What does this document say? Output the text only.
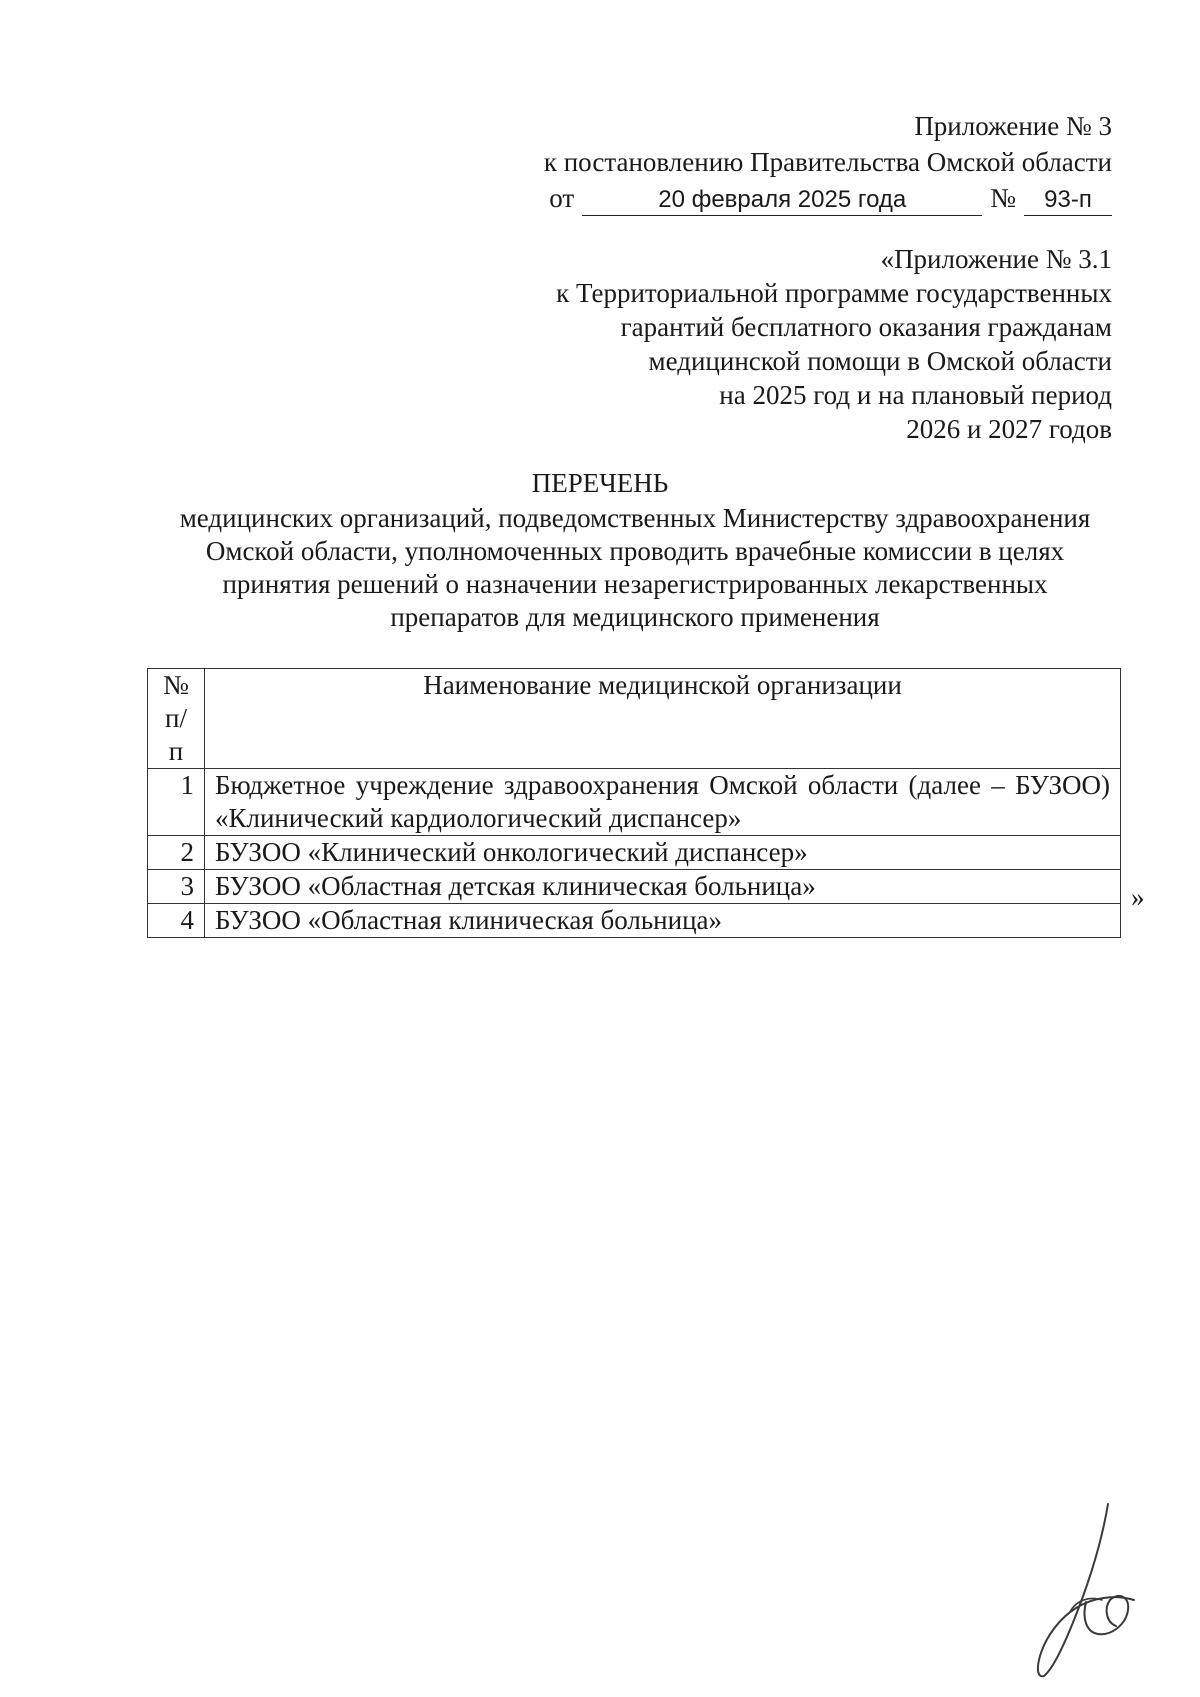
Приложение № 3
к постановлению Правительства Омской области
от	20 февраля 2025 года	№	93-п
«Приложение № 3.1
к Территориальной программе государственных
гарантий бесплатного оказания гражданам
медицинской помощи в Омской области
на 2025 год и на плановый период
2026 и 2027 годов
ПЕРЕЧЕНЬ
медицинских организаций, подведомственных Министерству здравоохранения
Омской области, уполномоченных проводить врачебные комиссии в целях
принятия решений о назначении незарегистрированных лекарственных
препаратов для медицинского применения
№ п/п	Наименование медицинской организации
1	Бюджетное учреждение здравоохранения Омской области (далее – БУЗОО) «Клинический кардиологический диспансер»
2	БУЗОО «Клинический онкологический диспансер»
3	БУЗОО «Областная детская клиническая больница»
4	БУЗОО «Областная клиническая больница»
»
